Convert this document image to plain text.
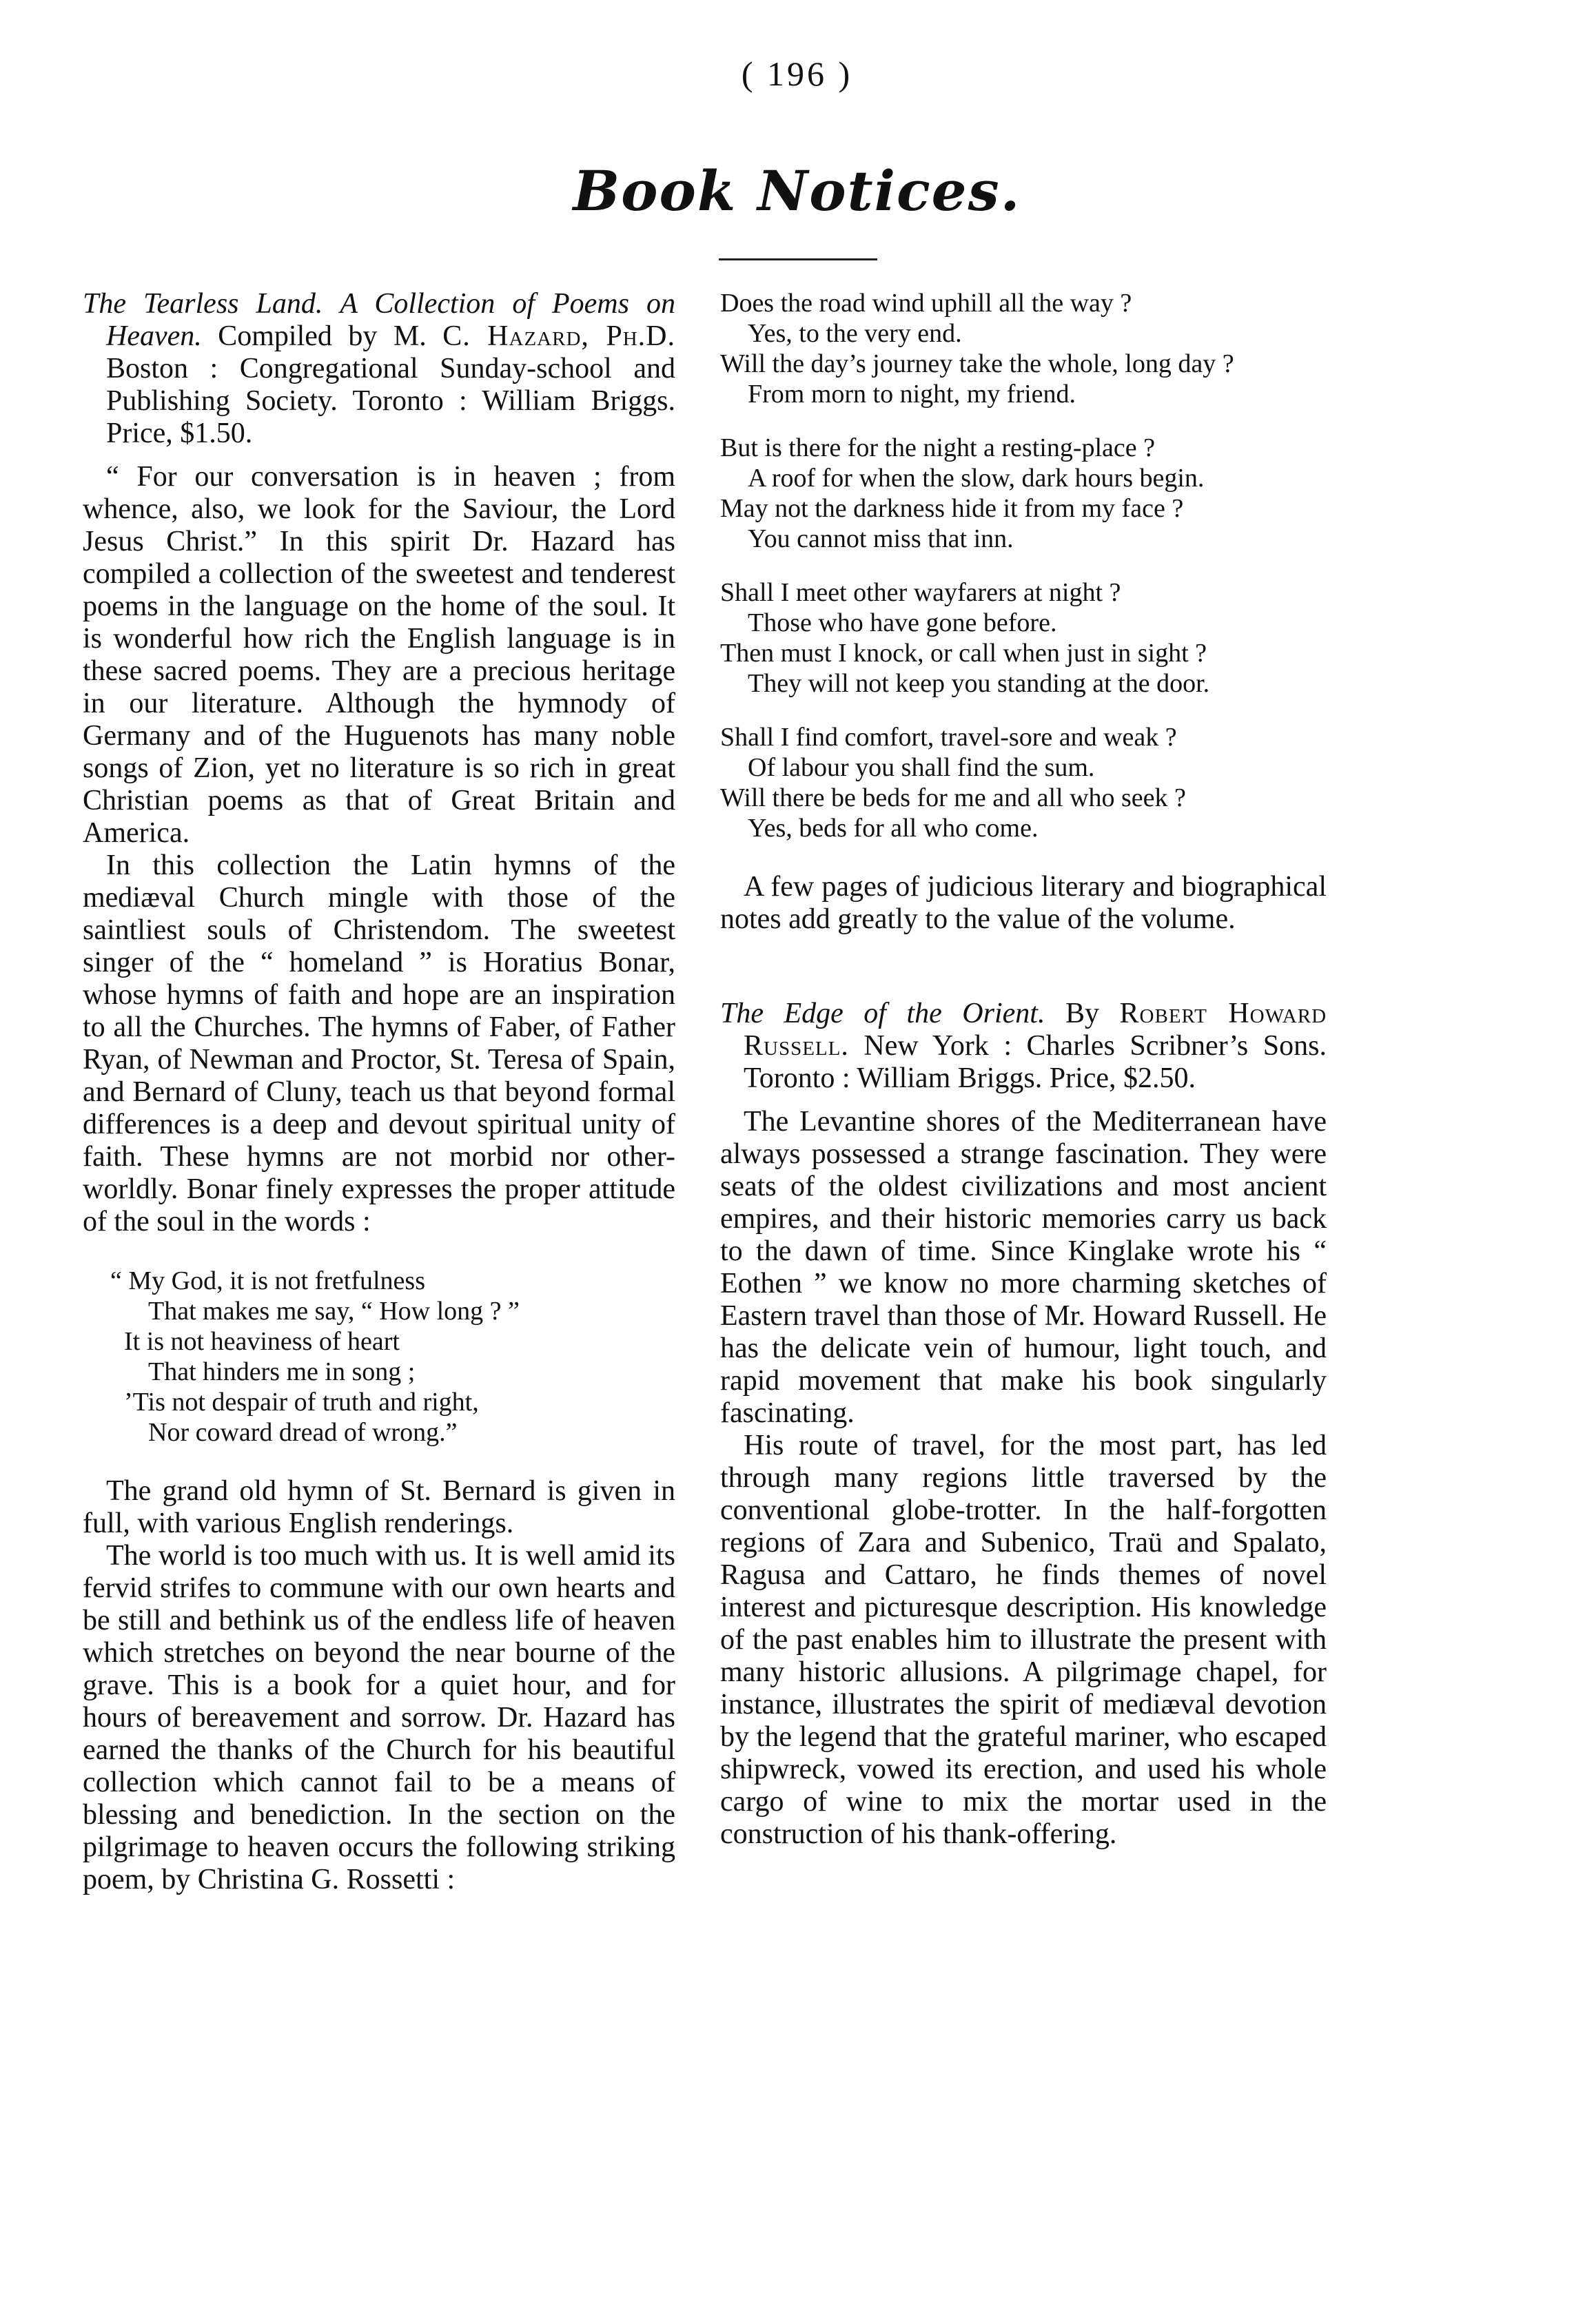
( 196 )
Book Notices.

The Tearless Land. A Collection of Poems on Heaven. Compiled by M. C. Hazard, Ph.D. Boston : Congregational Sunday-school and Publishing Society. Toronto : William Briggs. Price, $1.50.

“ For our conversation is in heaven ; from whence, also, we look for the Saviour, the Lord Jesus Christ.” In this spirit Dr. Hazard has compiled a collection of the sweetest and tenderest poems in the language on the home of the soul. It is wonderful how rich the English language is in these sacred poems. They are a precious heritage in our literature. Although the hymnody of Germany and of the Huguenots has many noble songs of Zion, yet no literature is so rich in great Christian poems as that of Great Britain and America.

In this collection the Latin hymns of the mediæval Church mingle with those of the saintliest souls of Christendom. The sweetest singer of the “ homeland ” is Horatius Bonar, whose hymns of faith and hope are an inspiration to all the Churches. The hymns of Faber, of Father Ryan, of Newman and Proctor, St. Teresa of Spain, and Bernard of Cluny, teach us that beyond formal differences is a deep and devout spiritual unity of faith. These hymns are not morbid nor other-worldly. Bonar finely expresses the proper attitude of the soul in the words :

“ My God, it is not fretfulness
That makes me say, “ How long ? ”
It is not heaviness of heart
That hinders me in song ;
’Tis not despair of truth and right,
Nor coward dread of wrong.”

The grand old hymn of St. Bernard is given in full, with various English renderings.

The world is too much with us. It is well amid its fervid strifes to commune with our own hearts and be still and bethink us of the endless life of heaven which stretches on beyond the near bourne of the grave. This is a book for a quiet hour, and for hours of bereavement and sorrow. Dr. Hazard has earned the thanks of the Church for his beautiful collection which cannot fail to be a means of blessing and benediction. In the section on the pilgrimage to heaven occurs the following striking poem, by Christina G. Rossetti :

Does the road wind uphill all the way ?
Yes, to the very end.
Will the day’s journey take the whole, long day ?
From morn to night, my friend.
But is there for the night a resting-place ?
A roof for when the slow, dark hours begin.
May not the darkness hide it from my face ?
You cannot miss that inn.
Shall I meet other wayfarers at night ?
Those who have gone before.
Then must I knock, or call when just in sight ?
They will not keep you standing at the door.
Shall I find comfort, travel-sore and weak ?
Of labour you shall find the sum.
Will there be beds for me and all who seek ?
Yes, beds for all who come.

A few pages of judicious literary and biographical notes add greatly to the value of the volume.

The Edge of the Orient. By Robert Howard Russell. New York : Charles Scribner’s Sons. Toronto : William Briggs. Price, $2.50.

The Levantine shores of the Mediterranean have always possessed a strange fascination. They were seats of the oldest civilizations and most ancient empires, and their historic memories carry us back to the dawn of time. Since Kinglake wrote his “ Eothen ” we know no more charming sketches of Eastern travel than those of Mr. Howard Russell. He has the delicate vein of humour, light touch, and rapid movement that make his book singularly fascinating.

His route of travel, for the most part, has led through many regions little traversed by the conventional globe-trotter. In the half-forgotten regions of Zara and Subenico, Traü and Spalato, Ragusa and Cattaro, he finds themes of novel interest and picturesque description. His knowledge of the past enables him to illustrate the present with many historic allusions. A pilgrimage chapel, for instance, illustrates the spirit of mediæval devotion by the legend that the grateful mariner, who escaped shipwreck, vowed its erection, and used his whole cargo of wine to mix the mortar used in the construction of his thank-offering.
